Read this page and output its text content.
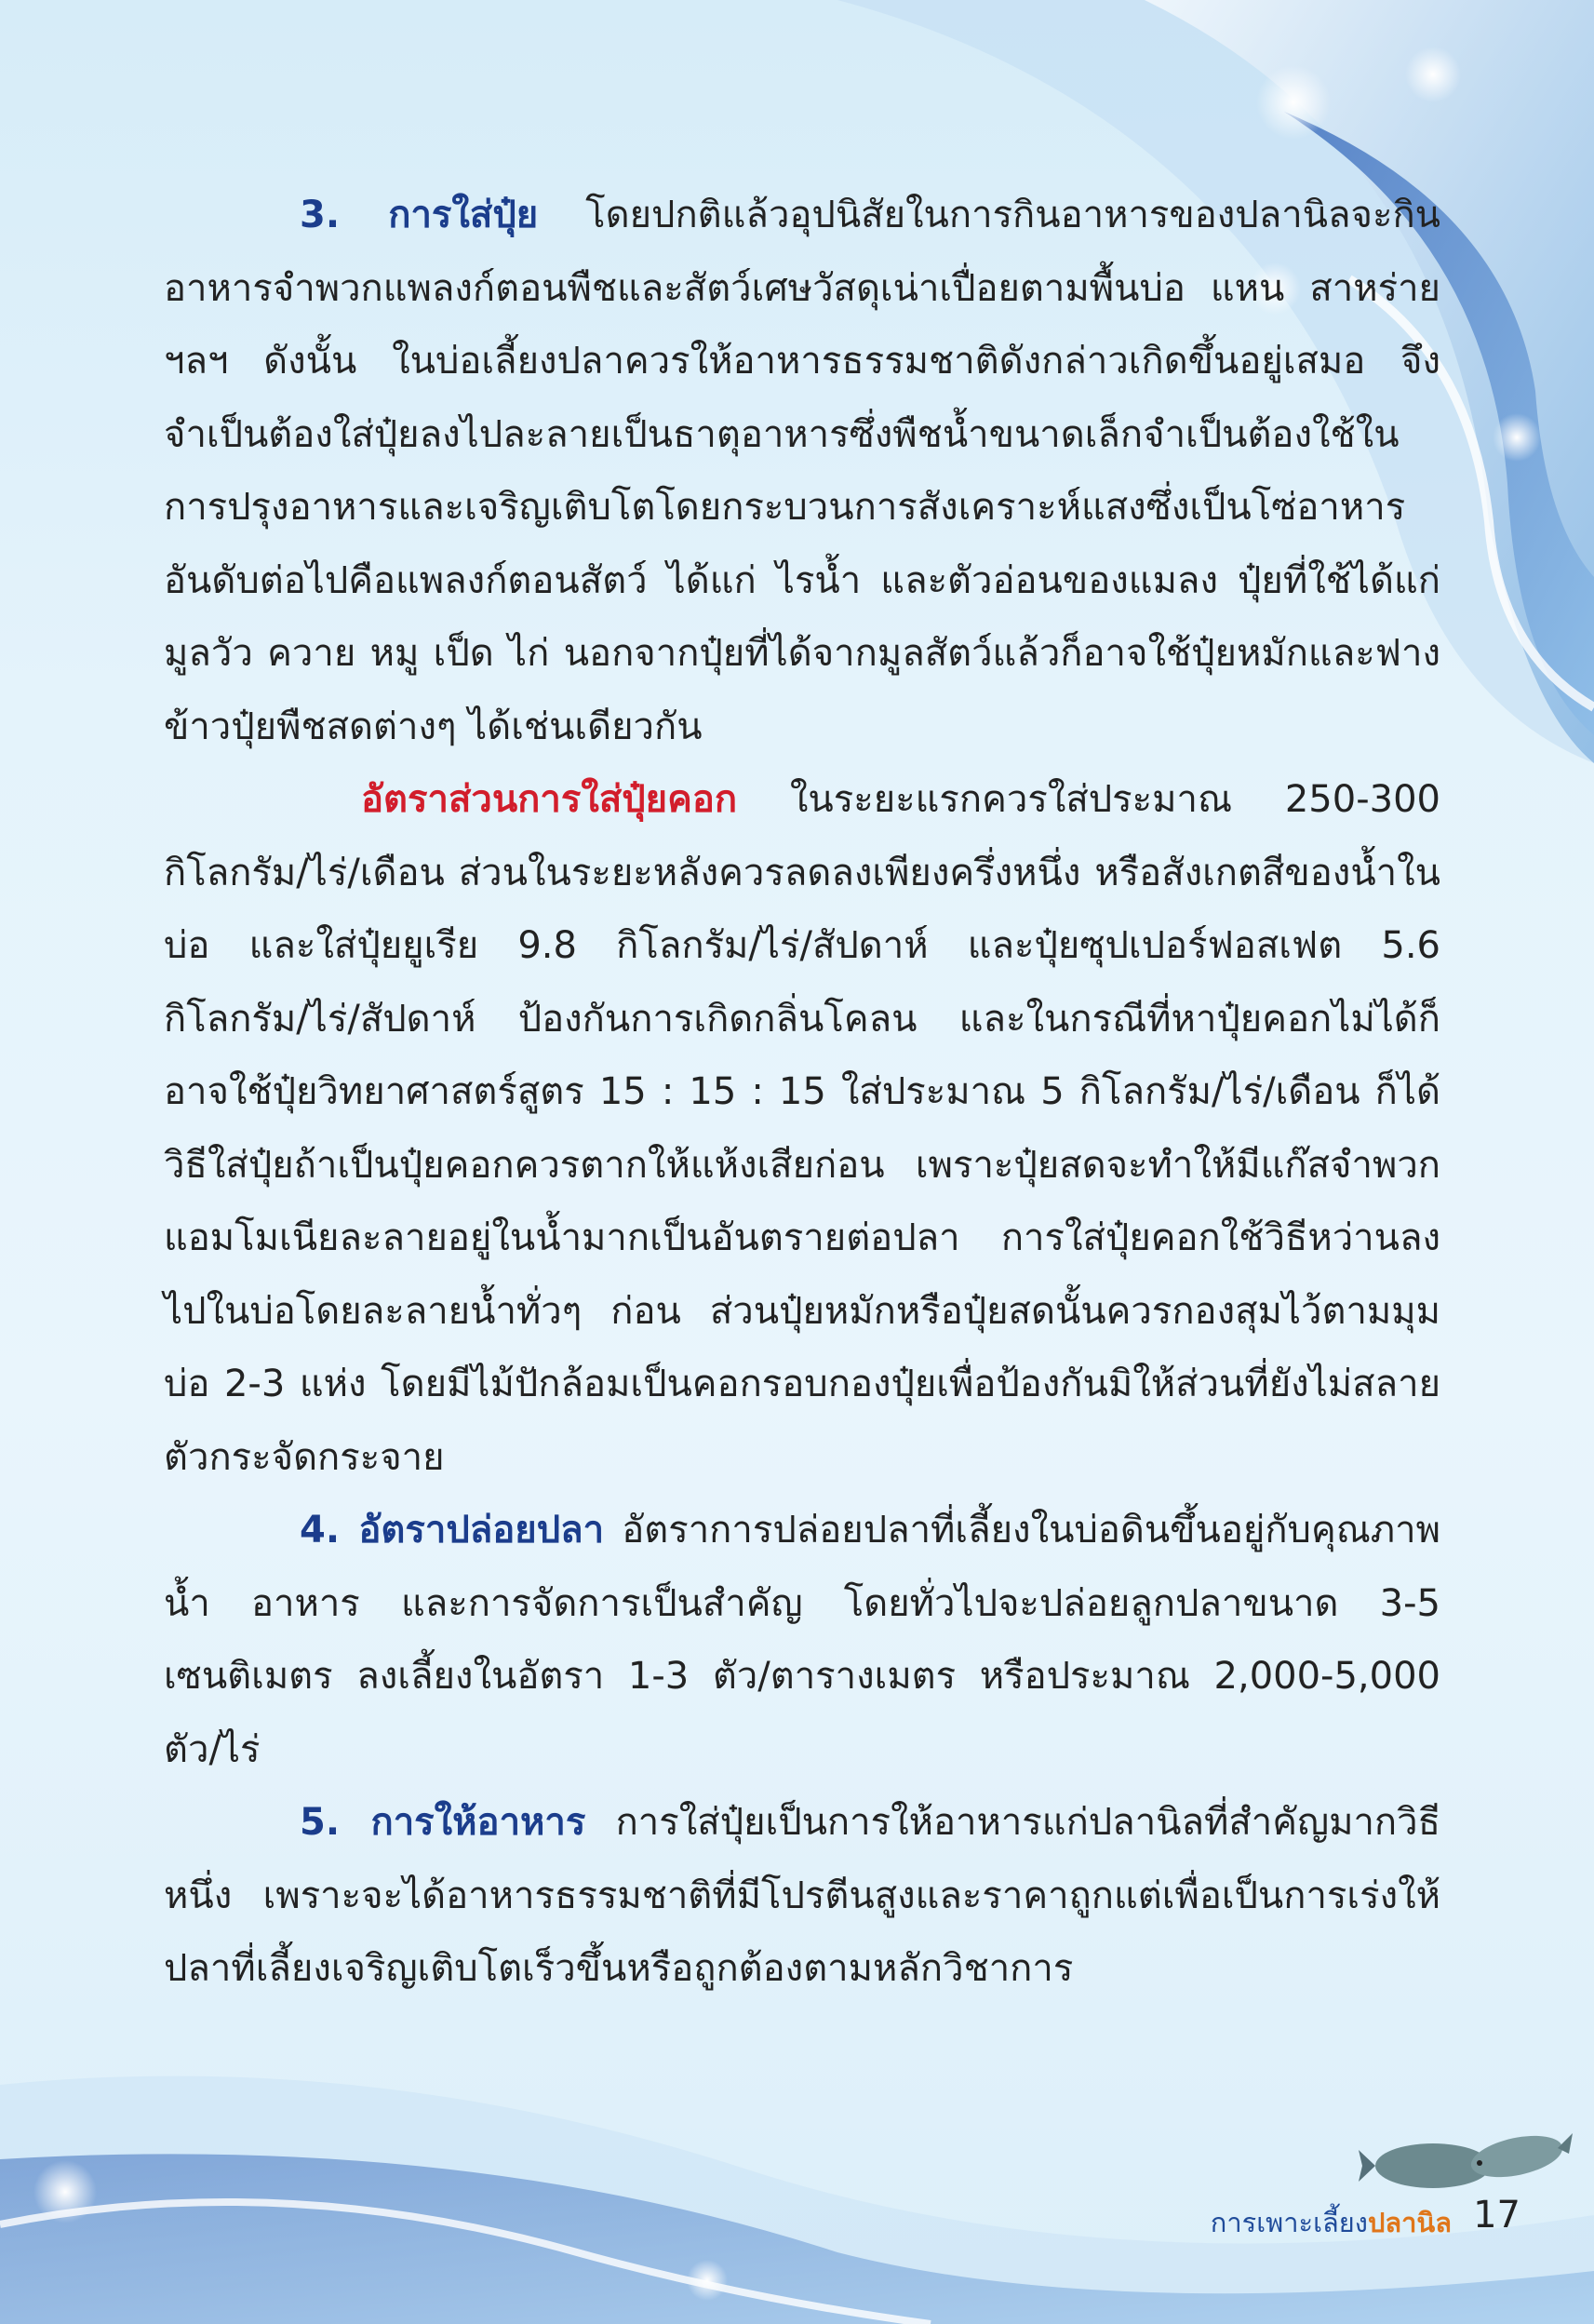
3. การใส่ปุ๋ย โดยปกติแล้วอุปนิสัยในการกินอาหารของปลานิลจะกินอาหารจำพวกแพลงก์ตอนพืชและสัตว์เศษวัสดุเน่าเปื่อยตามพื้นบ่อ แหน สาหร่าย ฯลฯ ดังนั้น ในบ่อเลี้ยงปลาควรให้อาหารธรรมชาติดังกล่าวเกิดขึ้นอยู่เสมอ จึงจำเป็นต้องใส่ปุ๋ยลงไปละลายเป็นธาตุอาหารซึ่งพืชน้ำขนาดเล็กจำเป็นต้องใช้ในการปรุงอาหารและเจริญเติบโตโดยกระบวนการสังเคราะห์แสงซึ่งเป็นโซ่อาหาร อันดับต่อไปคือแพลงก์ตอนสัตว์ ได้แก่ ไรน้ำ และตัวอ่อนของแมลง ปุ๋ยที่ใช้ได้แก่มูลวัว ควาย หมู เป็ด ไก่ นอกจากปุ๋ยที่ได้จากมูลสัตว์แล้วก็อาจใช้ปุ๋ยหมักและฟางข้าวปุ๋ยพืชสดต่างๆ ได้เช่นเดียวกัน

อัตราส่วนการใส่ปุ๋ยคอก ในระยะแรกควรใส่ประมาณ 250-300 กิโลกรัม/ไร่/เดือน ส่วนในระยะหลังควรลดลงเพียงครึ่งหนึ่ง หรือสังเกตสีของน้ำในบ่อ และใส่ปุ๋ยยูเรีย 9.8 กิโลกรัม/ไร่/สัปดาห์ และปุ๋ยซุปเปอร์ฟอสเฟต 5.6 กิโลกรัม/ไร่/สัปดาห์ ป้องกันการเกิดกลิ่นโคลน และในกรณีที่หาปุ๋ยคอกไม่ได้ก็อาจใช้ปุ๋ยวิทยาศาสตร์สูตร 15 : 15 : 15 ใส่ประมาณ 5 กิโลกรัม/ไร่/เดือน ก็ได้ วิธีใส่ปุ๋ยถ้าเป็นปุ๋ยคอกควรตากให้แห้งเสียก่อน เพราะปุ๋ยสดจะทำให้มีแก๊สจำพวกแอมโมเนียละลายอยู่ในน้ำมากเป็นอันตรายต่อปลา การใส่ปุ๋ยคอกใช้วิธีหว่านลงไปในบ่อโดยละลายน้ำทั่วๆ ก่อน ส่วนปุ๋ยหมักหรือปุ๋ยสดนั้นควรกองสุมไว้ตามมุมบ่อ 2-3 แห่ง โดยมีไม้ปักล้อมเป็นคอกรอบกองปุ๋ยเพื่อป้องกันมิให้ส่วนที่ยังไม่สลายตัวกระจัดกระจาย

4. อัตราปล่อยปลา อัตราการปล่อยปลาที่เลี้ยงในบ่อดินขึ้นอยู่กับคุณภาพน้ำ อาหาร และการจัดการเป็นสำคัญ โดยทั่วไปจะปล่อยลูกปลาขนาด 3-5 เซนติเมตร ลงเลี้ยงในอัตรา 1-3 ตัว/ตารางเมตร หรือประมาณ 2,000-5,000 ตัว/ไร่

5. การให้อาหาร การใส่ปุ๋ยเป็นการให้อาหารแก่ปลานิลที่สำคัญมากวิธีหนึ่ง เพราะจะได้อาหารธรรมชาติที่มีโปรตีนสูงและราคาถูกแต่เพื่อเป็นการเร่งให้ปลาที่เลี้ยงเจริญเติบโตเร็วขึ้นหรือถูกต้องตามหลักวิชาการ

การเพาะเลี้ยงปลานิล 17
